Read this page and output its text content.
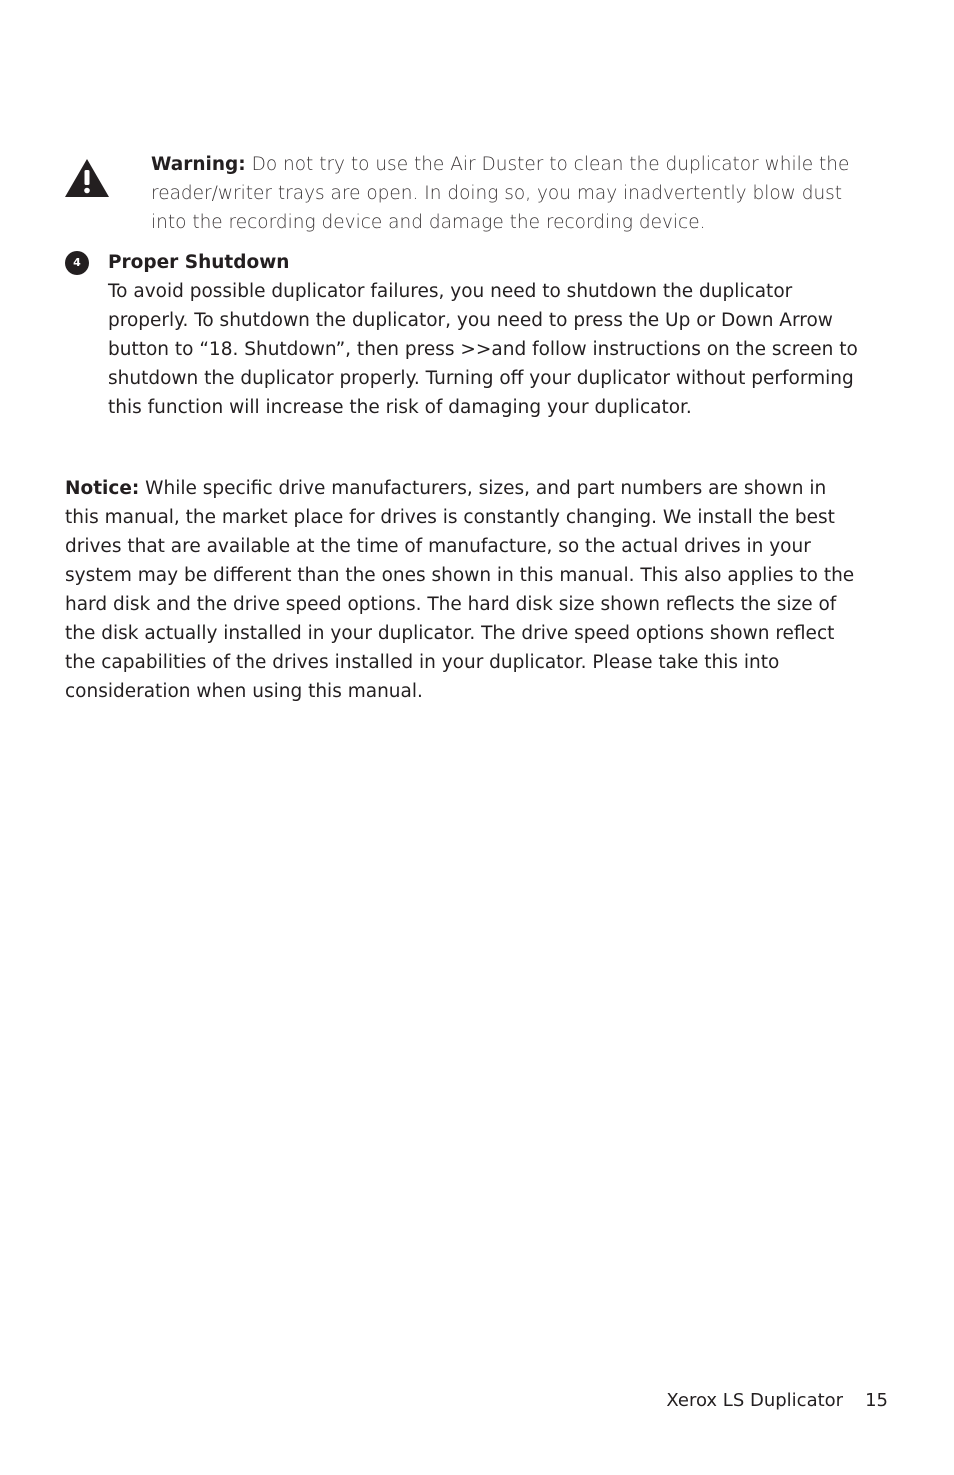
Warning: Do not try to use the Air Duster to clean the duplicator while the reader/writer trays are open. In doing so, you may inadvertently blow dust into the recording device and damage the recording device.
4	Proper Shutdown
To avoid possible duplicator failures, you need to shutdown the duplicator properly. To shutdown the duplicator, you need to press the Up or Down Arrow button to “18. Shutdown”, then press >>and follow instructions on the screen to shutdown the duplicator properly. Turning off your duplicator without performing this function will increase the risk of damaging your duplicator.
Notice: While specific drive manufacturers, sizes, and part numbers are shown in this manual, the market place for drives is constantly changing. We install the best drives that are available at the time of manufacture, so the actual drives in your system may be different than the ones shown in this manual. This also applies to the hard disk and the drive speed options. The hard disk size shown reflects the size of the disk actually installed in your duplicator. The drive speed options shown reflect the capabilities of the drives installed in your duplicator. Please take this into consideration when using this manual.
Xerox LS Duplicator 15
